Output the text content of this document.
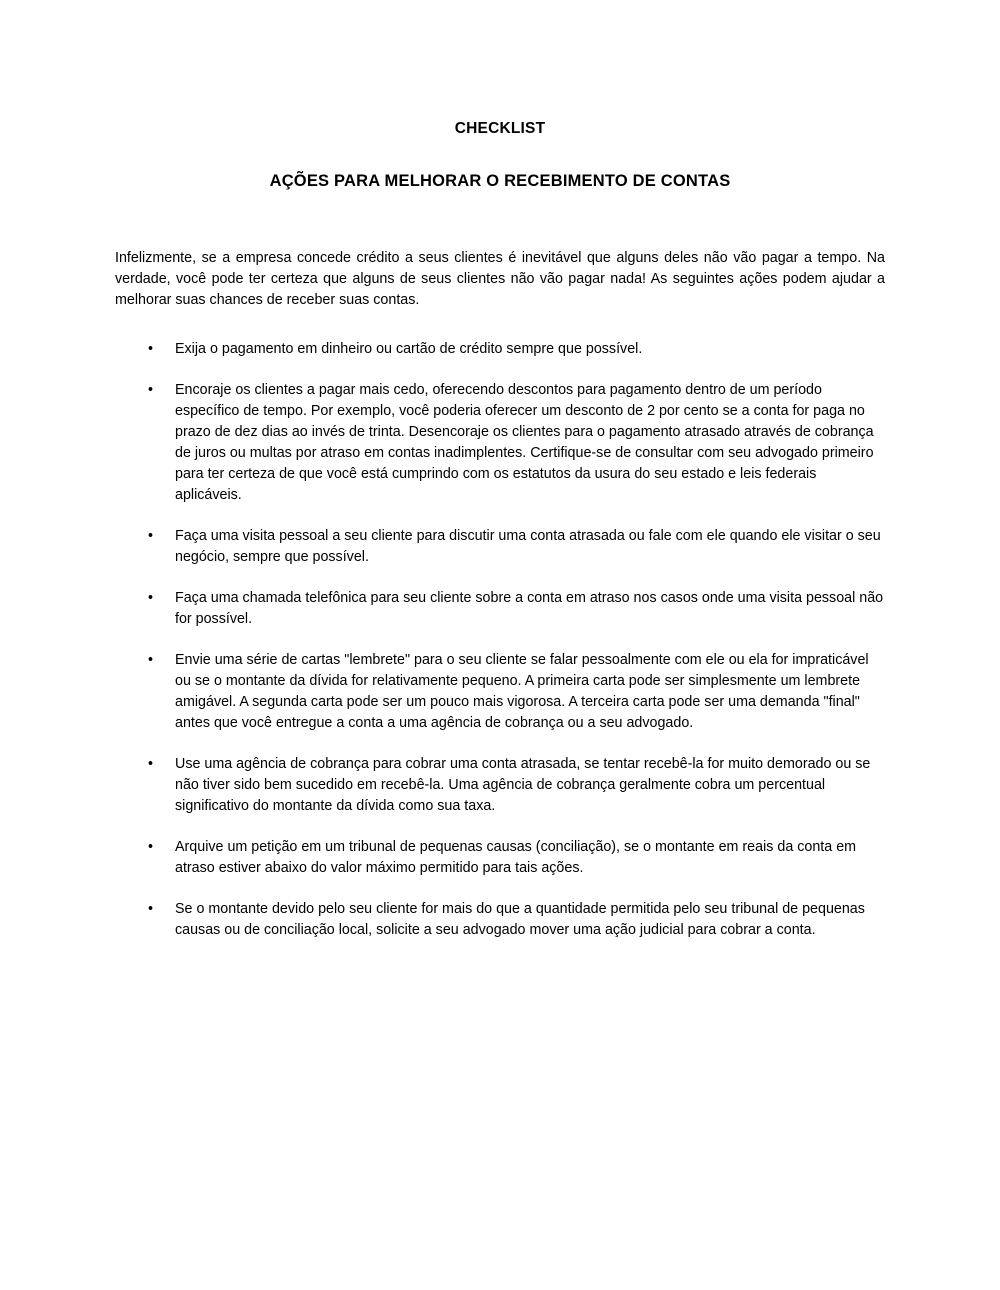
CHECKLIST
AÇÕES PARA MELHORAR O RECEBIMENTO DE CONTAS

Infelizmente, se a empresa concede crédito a seus clientes é inevitável que alguns deles não vão pagar a tempo. Na verdade, você pode ter certeza que alguns de seus clientes não vão pagar nada! As seguintes ações podem ajudar a melhorar suas chances de receber suas contas.

•	Exija o pagamento em dinheiro ou cartão de crédito sempre que possível.
•	Encoraje os clientes a pagar mais cedo, oferecendo descontos para pagamento dentro de um período específico de tempo. Por exemplo, você poderia oferecer um desconto de 2 por cento se a conta for paga no prazo de dez dias ao invés de trinta. Desencoraje os clientes para o pagamento atrasado através de cobrança de juros ou multas por atraso em contas inadimplentes. Certifique-se de consultar com seu advogado primeiro para ter certeza de que você está cumprindo com os estatutos da usura do seu estado e leis federais aplicáveis.
•	Faça uma visita pessoal a seu cliente para discutir uma conta atrasada ou fale com ele quando ele visitar o seu negócio, sempre que possível.
•	Faça uma chamada telefônica para seu cliente sobre a conta em atraso nos casos onde uma visita pessoal não for possível.
•	Envie uma série de cartas "lembrete" para o seu cliente se falar pessoalmente com ele ou ela for impraticável ou se o montante da dívida for relativamente pequeno. A primeira carta pode ser simplesmente um lembrete amigável. A segunda carta pode ser um pouco mais vigorosa. A terceira carta pode ser uma demanda "final" antes que você entregue a conta a uma agência de cobrança ou a seu advogado.
•	Use uma agência de cobrança para cobrar uma conta atrasada, se tentar recebê-la for muito demorado ou se não tiver sido bem sucedido em recebê-la. Uma agência de cobrança geralmente cobra um percentual significativo do montante da dívida como sua taxa.
•	Arquive um petição em um tribunal de pequenas causas (conciliação), se o montante em reais da conta em atraso estiver abaixo do valor máximo permitido para tais ações.
•	Se o montante devido pelo seu cliente for mais do que a quantidade permitida pelo seu tribunal de pequenas causas ou de conciliação local, solicite a seu advogado mover uma ação judicial para cobrar a conta.
